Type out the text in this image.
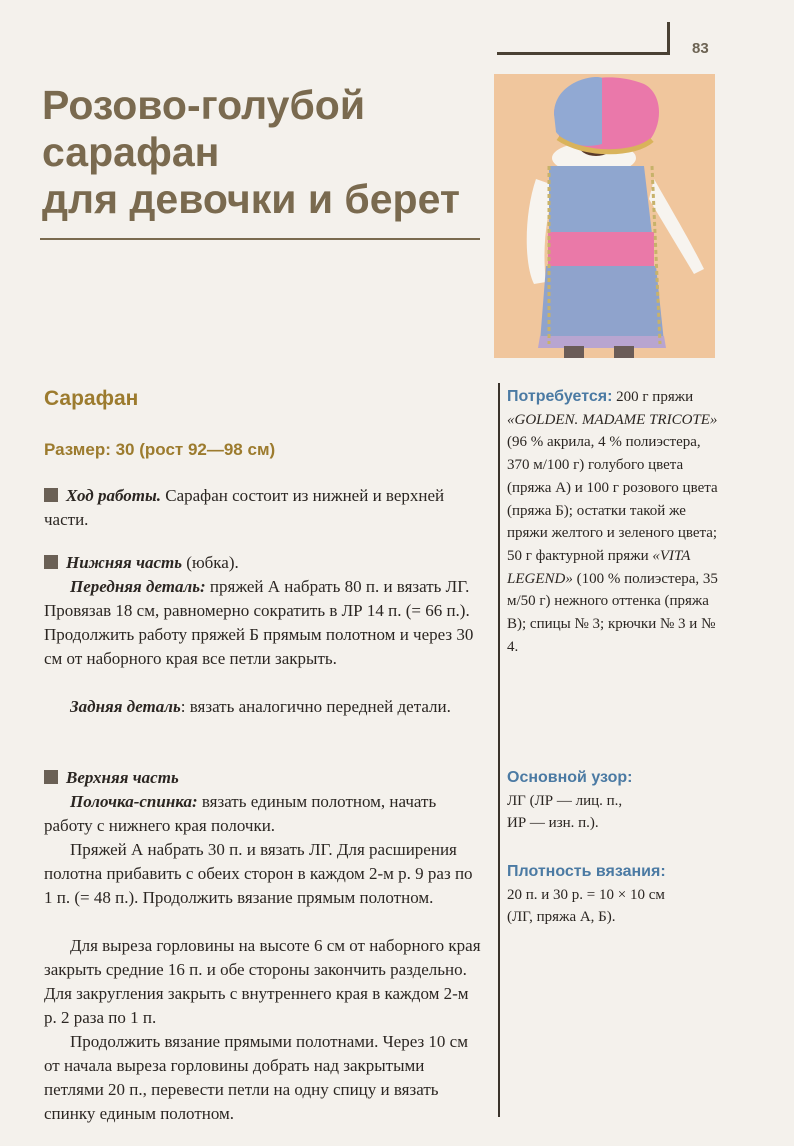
83
Розово-голубой
сарафан
для девочки и берет
Сарафан
Размер: 30 (рост 92—98 см)

Ход работы. Сарафан состоит из нижней и верхней части.

Нижняя часть (юбка).

Передняя деталь: пряжей А набрать 80 п. и вязать ЛГ. Провязав 18 см, равномерно сократить в ЛР 14 п. (= 66 п.). Продолжить работу пряжей Б прямым полотном и через 30 см от наборного края все петли закрыть.

Задняя деталь: вязать аналогично передней детали.

Верхняя часть

Полочка-спинка: вязать единым полотном, начать работу с нижнего края полочки.

Пряжей А набрать 30 п. и вязать ЛГ. Для расширения полотна прибавить с обеих сторон в каждом 2-м р. 9 раз по 1 п. (= 48 п.). Продолжить вязание прямым полотном.

Для выреза горловины на высоте 6 см от наборного края закрыть средние 16 п. и обе стороны закончить раздельно. Для закругления закрыть с внутреннего края в каждом 2-м р. 2 раза по 1 п.

Продолжить вязание прямыми полотнами. Через 10 см от начала выреза горловины добрать над закрытыми петлями 20 п., перевести петли на одну спицу и вязать спинку единым полотном.

Потребуется: 200 г пряжи «GOLDEN. MADAME TRICOTE» (96 % акрила, 4 % полиэстера, 370 м/100 г) голубого цвета (пряжа А) и 100 г розового цвета (пряжа Б); остатки такой же пряжи желтого и зеленого цвета; 50 г фактурной пряжи «VITA LEGEND» (100 % полиэстера, 35 м/50 г) нежного оттенка (пряжа В); спицы № 3; крючки № 3 и № 4.

Основной узор:
ЛГ (ЛР — лиц. п.,
ИР — изн. п.).

Плотность вязания:
20 п. и 30 р. = 10 × 10 см
(ЛГ, пряжа А, Б).
